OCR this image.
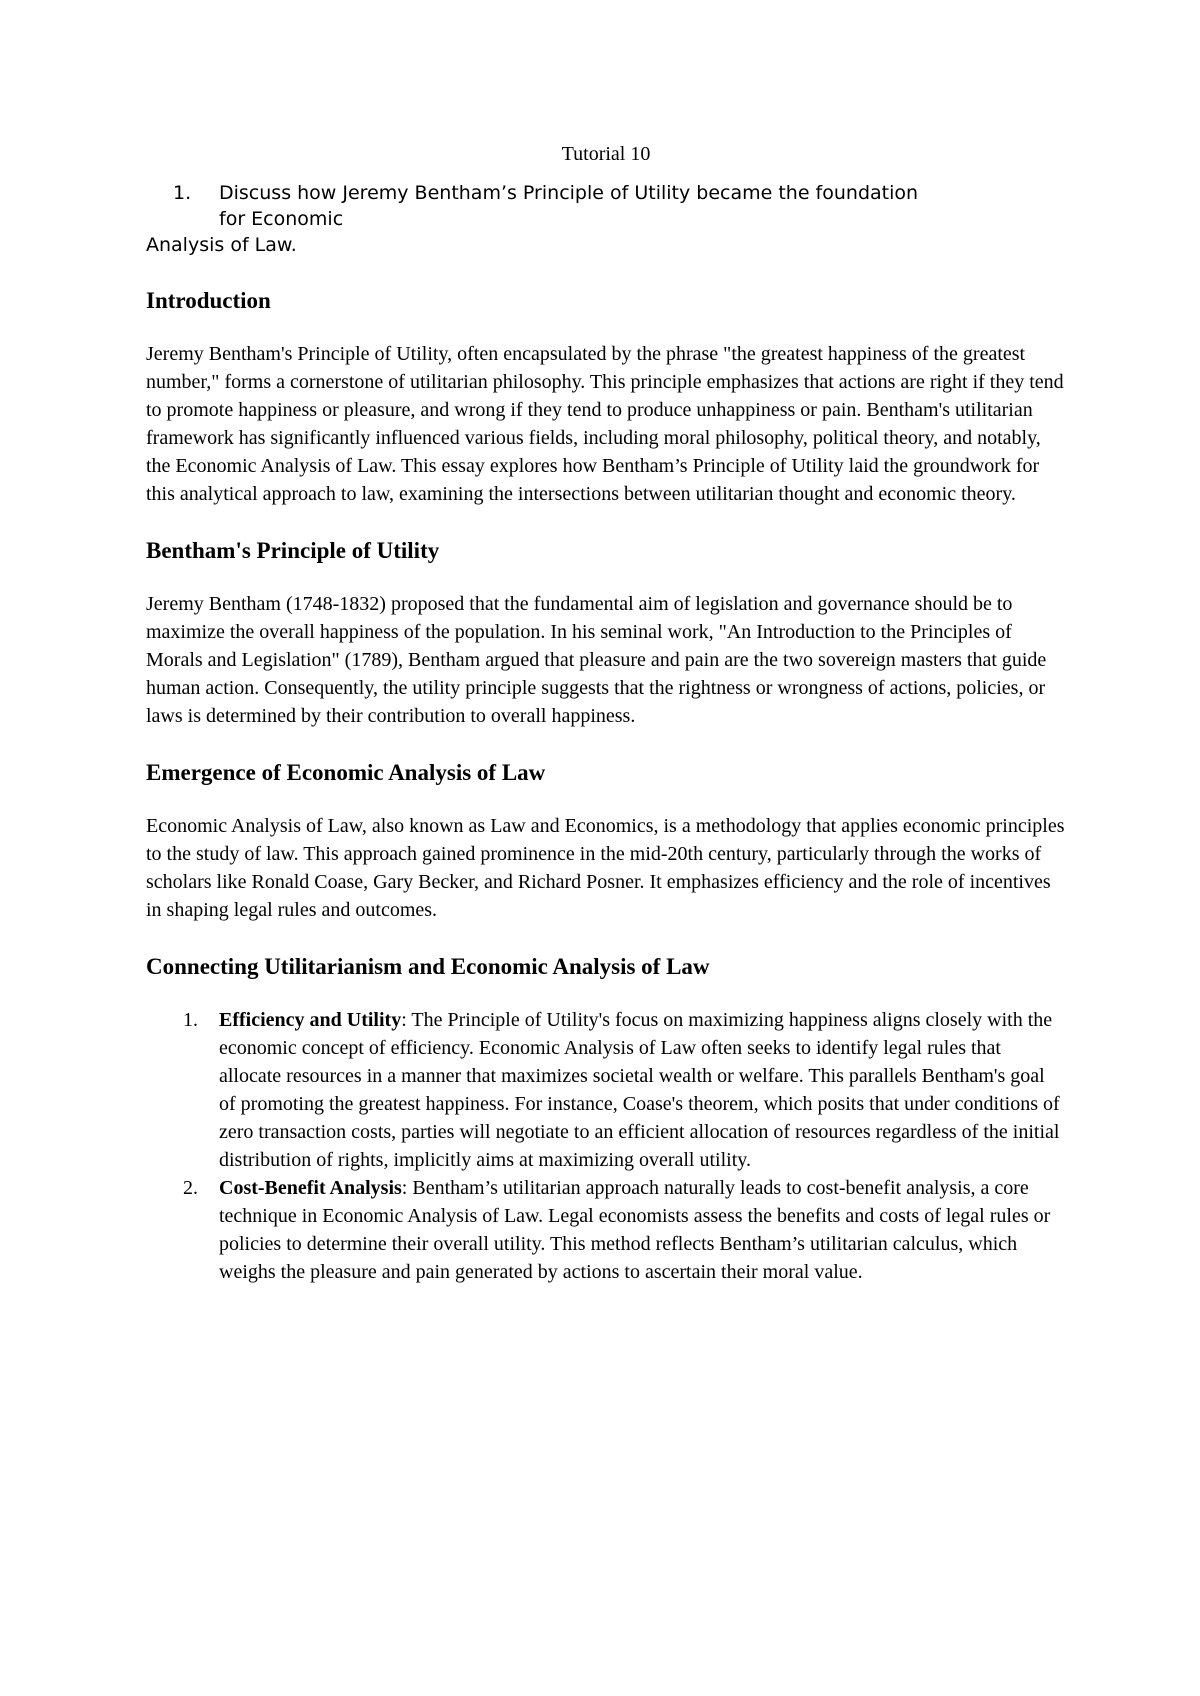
Tutorial 10
1. Discuss how Jeremy Bentham’s Principle of Utility became the foundation
for Economic
Analysis of Law.
Introduction

Jeremy Bentham's Principle of Utility, often encapsulated by the phrase "the greatest happiness of the greatest number," forms a cornerstone of utilitarian philosophy. This principle emphasizes that actions are right if they tend to promote happiness or pleasure, and wrong if they tend to produce unhappiness or pain. Bentham's utilitarian framework has significantly influenced various fields, including moral philosophy, political theory, and notably, the Economic Analysis of Law. This essay explores how Bentham’s Principle of Utility laid the groundwork for this analytical approach to law, examining the intersections between utilitarian thought and economic theory.

Bentham's Principle of Utility

Jeremy Bentham (1748-1832) proposed that the fundamental aim of legislation and governance should be to maximize the overall happiness of the population. In his seminal work, "An Introduction to the Principles of Morals and Legislation" (1789), Bentham argued that pleasure and pain are the two sovereign masters that guide human action. Consequently, the utility principle suggests that the rightness or wrongness of actions, policies, or laws is determined by their contribution to overall happiness.

Emergence of Economic Analysis of Law

Economic Analysis of Law, also known as Law and Economics, is a methodology that applies economic principles to the study of law. This approach gained prominence in the mid-20th century, particularly through the works of scholars like Ronald Coase, Gary Becker, and Richard Posner. It emphasizes efficiency and the role of incentives in shaping legal rules and outcomes.

Connecting Utilitarianism and Economic Analysis of Law
1. Efficiency and Utility: The Principle of Utility's focus on maximizing happiness aligns closely with the economic concept of efficiency. Economic Analysis of Law often seeks to identify legal rules that allocate resources in a manner that maximizes societal wealth or welfare. This parallels Bentham's goal of promoting the greatest happiness. For instance, Coase's theorem, which posits that under conditions of zero transaction costs, parties will negotiate to an efficient allocation of resources regardless of the initial distribution of rights, implicitly aims at maximizing overall utility.
2. Cost-Benefit Analysis: Bentham’s utilitarian approach naturally leads to cost-benefit analysis, a core technique in Economic Analysis of Law. Legal economists assess the benefits and costs of legal rules or policies to determine their overall utility. This method reflects Bentham’s utilitarian calculus, which weighs the pleasure and pain generated by actions to ascertain their moral value.
